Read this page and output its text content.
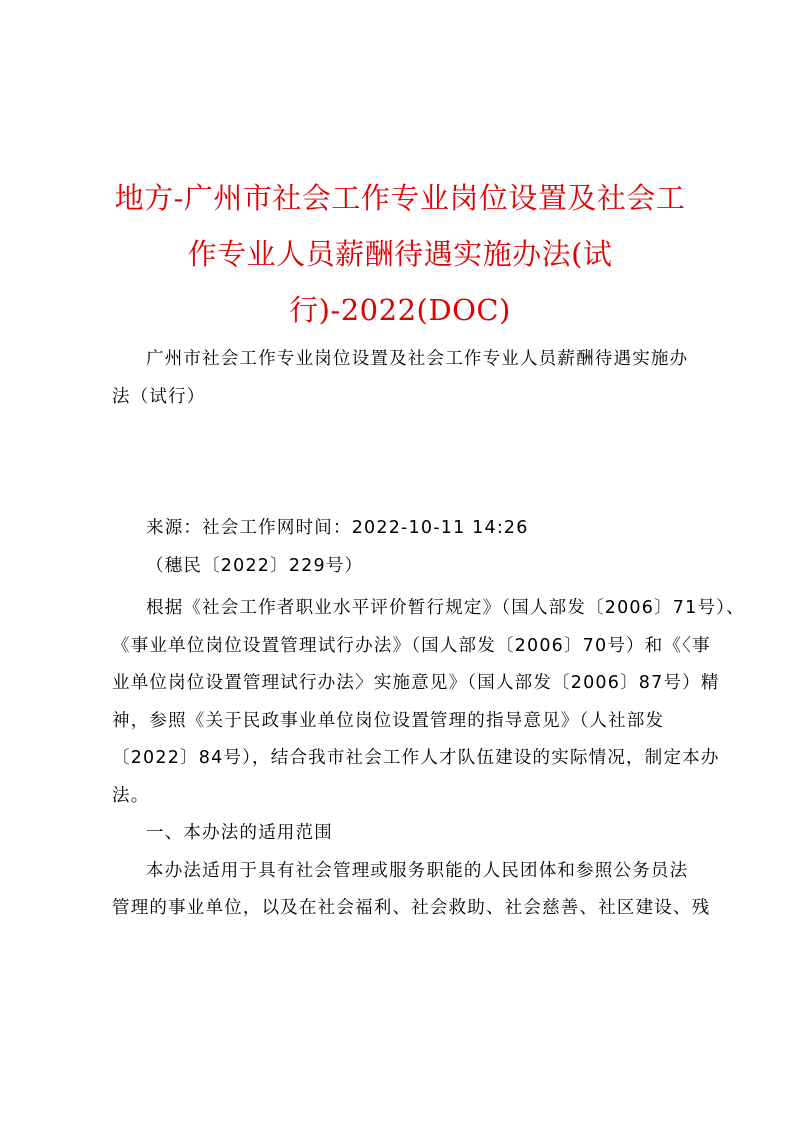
地方-广州市社会工作专业岗位设置及社会工
作专业人员薪酬待遇实施办法(试
行)-2022(DOC)
广州市社会工作专业岗位设置及社会工作专业人员薪酬待遇实施办
法（试行）
来源：社会工作网时间：2022-10-11 14:26
（穗民〔2022〕229号）
根据《社会工作者职业水平评价暂行规定》（国人部发〔2006〕71号）、
《事业单位岗位设置管理试行办法》（国人部发〔2006〕70号）和《〈事
业单位岗位设置管理试行办法〉实施意见》（国人部发〔2006〕87号）精
神，参照《关于民政事业单位岗位设置管理的指导意见》（人社部发
〔2022〕84号），结合我市社会工作人才队伍建设的实际情况，制定本办
法。
一、本办法的适用范围
本办法适用于具有社会管理或服务职能的人民团体和参照公务员法
管理的事业单位，以及在社会福利、社会救助、社会慈善、社区建设、残
